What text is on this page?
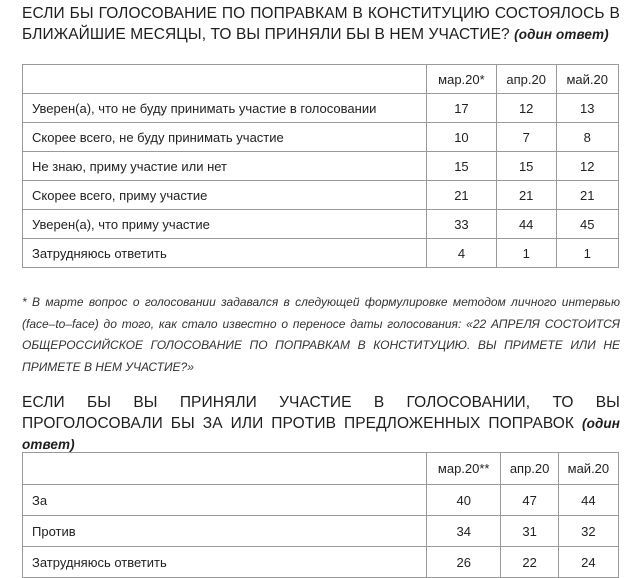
ЕСЛИ БЫ ГОЛОСОВАНИЕ ПО ПОПРАВКАМ В КОНСТИТУЦИЮ СОСТОЯЛОСЬ В БЛИЖАЙШИЕ МЕСЯЦЫ, ТО ВЫ ПРИНЯЛИ БЫ В НЕМ УЧАСТИЕ? (один ответ)
	мар.20*	апр.20	май.20
Уверен(а), что не буду принимать участие в голосовании	17	12	13
Скорее всего, не буду принимать участие	10	7	8
Не знаю, приму участие или нет	15	15	12
Скорее всего, приму участие	21	21	21
Уверен(а), что приму участие	33	44	45
Затрудняюсь ответить	4	1	1
* В марте вопрос о голосовании задавался в следующей формулировке методом личного интервью (face–to–face) до того, как стало известно о переносе даты голосования: «22 АПРЕЛЯ СОСТОИТСЯ ОБЩЕРОССИЙСКОЕ ГОЛОСОВАНИЕ ПО ПОПРАВКАМ В КОНСТИТУЦИЮ. ВЫ ПРИМЕТЕ ИЛИ НЕ ПРИМЕТЕ В НЕМ УЧАСТИЕ?»
ЕСЛИ БЫ ВЫ ПРИНЯЛИ УЧАСТИЕ В ГОЛОСОВАНИИ, ТО ВЫ ПРОГОЛОСОВАЛИ БЫ ЗА ИЛИ ПРОТИВ ПРЕДЛОЖЕННЫХ ПОПРАВОК (один ответ)
	мар.20**	апр.20	май.20
За	40	47	44
Против	34	31	32
Затрудняюсь ответить	26	22	24
